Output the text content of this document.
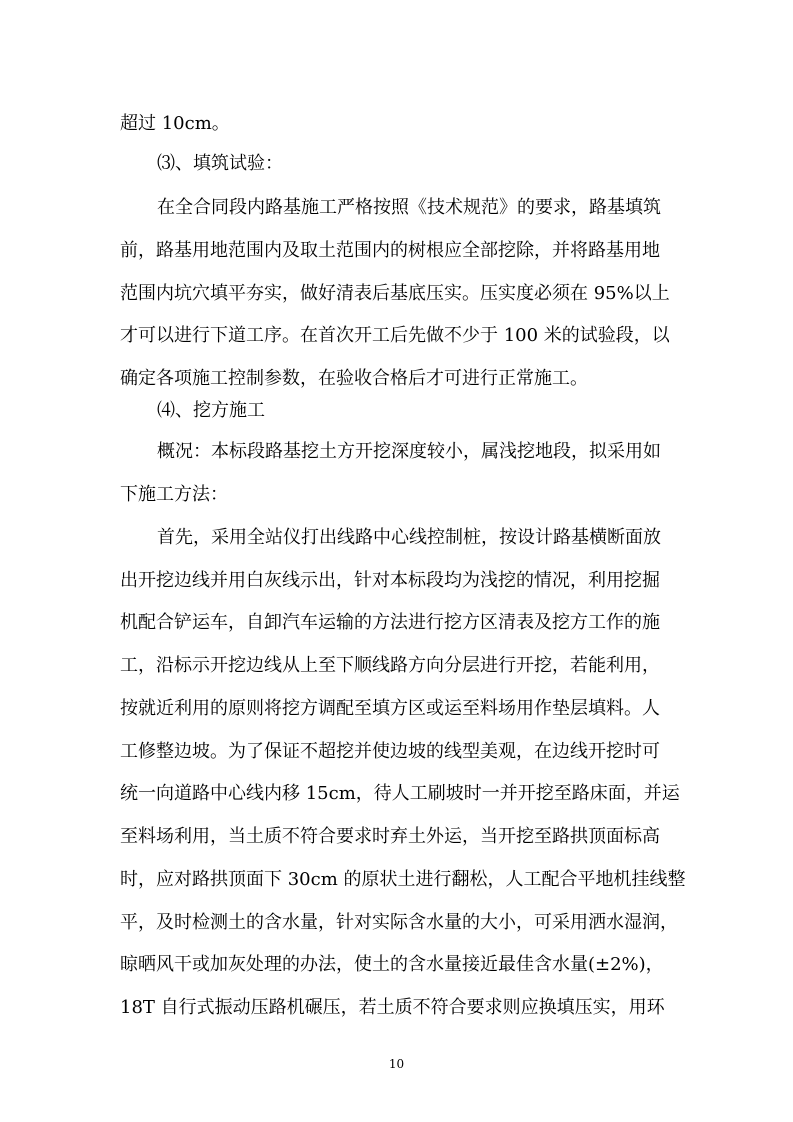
超过 10cm。
⑶、填筑试验：
在全合同段内路基施工严格按照《技术规范》的要求，路基填筑
前，路基用地范围内及取土范围内的树根应全部挖除，并将路基用地
范围内坑穴填平夯实，做好清表后基底压实。压实度必须在 95%以上
才可以进行下道工序。在首次开工后先做不少于 100 米的试验段，以
确定各项施工控制参数，在验收合格后才可进行正常施工。
⑷、挖方施工
概况：本标段路基挖土方开挖深度较小，属浅挖地段，拟采用如
下施工方法：
首先，采用全站仪打出线路中心线控制桩，按设计路基横断面放
出开挖边线并用白灰线示出，针对本标段均为浅挖的情况，利用挖掘
机配合铲运车，自卸汽车运输的方法进行挖方区清表及挖方工作的施
工，沿标示开挖边线从上至下顺线路方向分层进行开挖，若能利用，
按就近利用的原则将挖方调配至填方区或运至料场用作垫层填料。人
工修整边坡。为了保证不超挖并使边坡的线型美观，在边线开挖时可
统一向道路中心线内移 15cm，待人工刷坡时一并开挖至路床面，并运
至料场利用，当土质不符合要求时弃土外运，当开挖至路拱顶面标高
时，应对路拱顶面下 30cm 的原状土进行翻松，人工配合平地机挂线整
平，及时检测土的含水量，针对实际含水量的大小，可采用洒水湿润，
晾晒风干或加灰处理的办法，使土的含水量接近最佳含水量(±2%)，
18T 自行式振动压路机碾压，若土质不符合要求则应换填压实，用环
10
